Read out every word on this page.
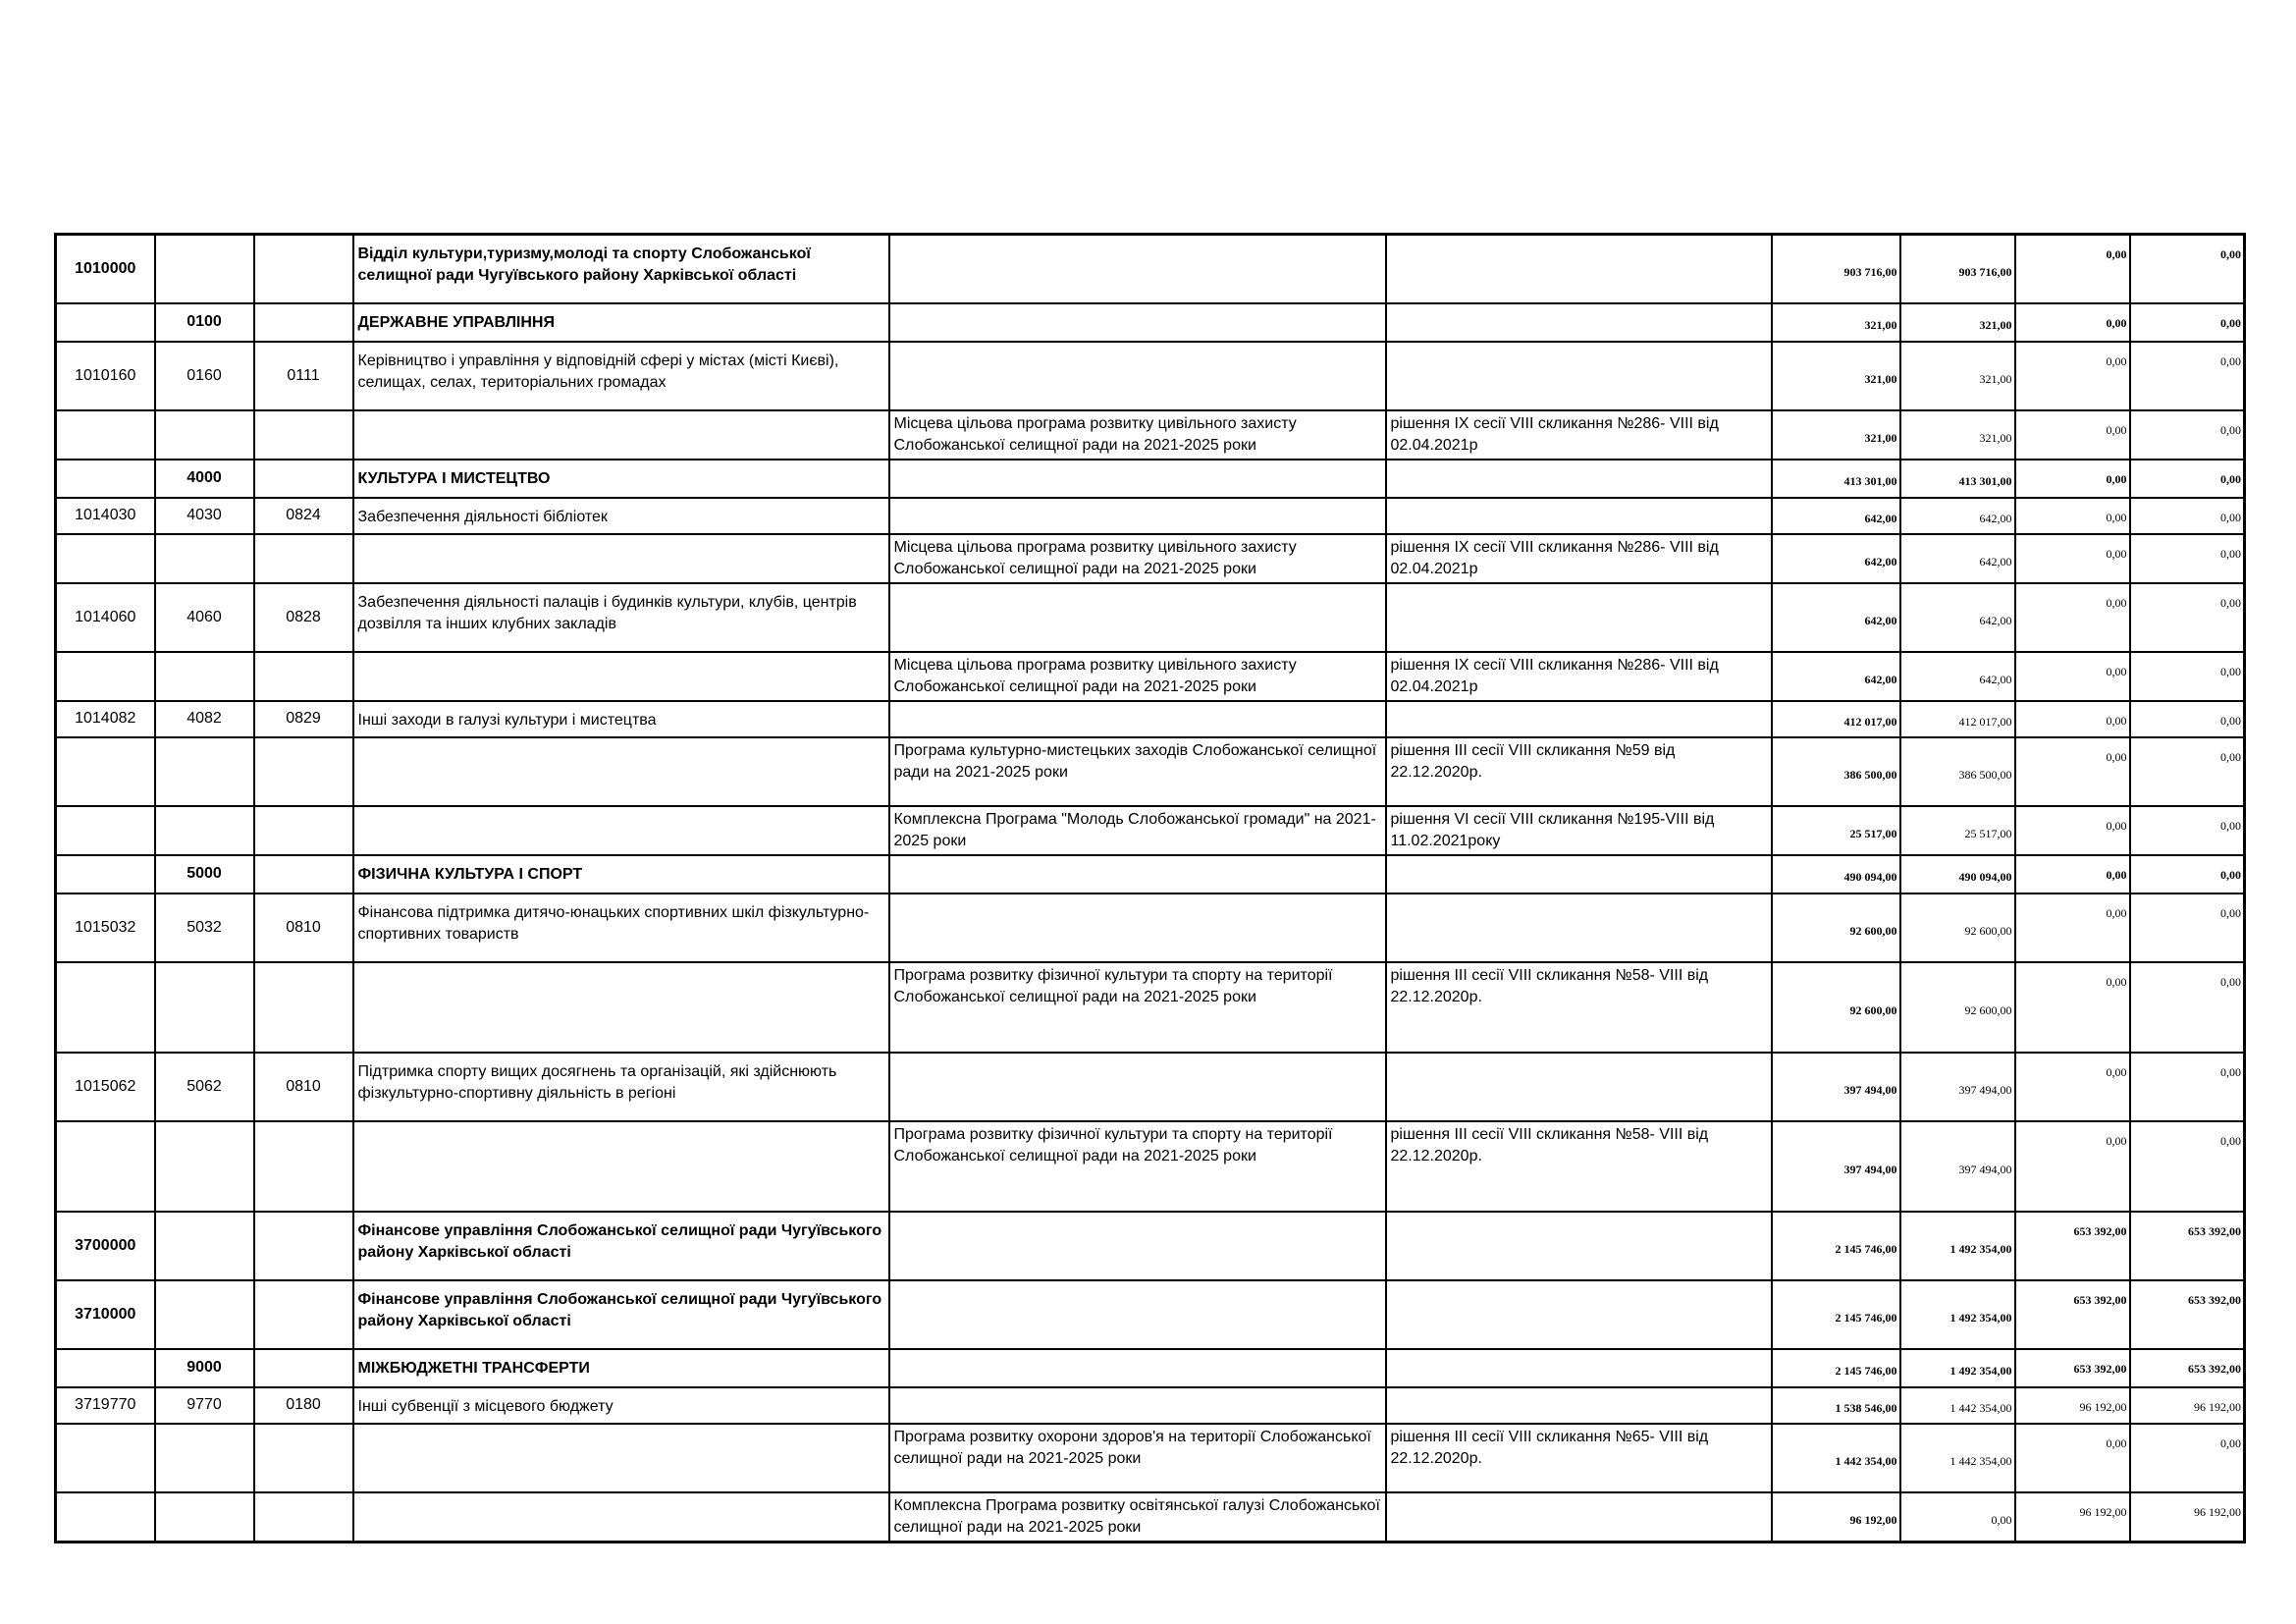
1010000			Відділ культури,туризму,молоді та спорту Слобожанської селищної ради Чугуївського району Харківської області			903 716,00	903 716,00	0,00	0,00
	0100		ДЕРЖАВНЕ УПРАВЛІННЯ			321,00	321,00	0,00	0,00
1010160	0160	0111	Керівництво і управління у відповідній сфері у містах (місті Києві), селищах, селах, територіальних громадах			321,00	321,00	0,00	0,00
				Місцева цільова програма розвитку цивільного захисту Слобожанської селищної ради на 2021-2025 роки	рішення ІХ сесії VIII скликання №286- VIII від 02.04.2021р	321,00	321,00	0,00	0,00
	4000		КУЛЬТУРА І МИСТЕЦТВО			413 301,00	413 301,00	0,00	0,00
1014030	4030	0824	Забезпечення діяльності бібліотек			642,00	642,00	0,00	0,00
				Місцева цільова програма розвитку цивільного захисту Слобожанської селищної ради на 2021-2025 роки	рішення ІХ сесії VIII скликання №286- VIII від 02.04.2021р	642,00	642,00	0,00	0,00
1014060	4060	0828	Забезпечення діяльності палаців і будинків культури, клубів, центрів дозвілля та інших клубних закладів			642,00	642,00	0,00	0,00
				Місцева цільова програма розвитку цивільного захисту Слобожанської селищної ради на 2021-2025 роки	рішення ІХ сесії VIII скликання №286- VIII від 02.04.2021р	642,00	642,00	0,00	0,00
1014082	4082	0829	Інші заходи в галузі культури і мистецтва			412 017,00	412 017,00	0,00	0,00
				Програма культурно-мистецьких заходів Слобожанської селищної ради на 2021-2025 роки	рішення ІІІ сесії VIII скликання №59 від 22.12.2020р.	386 500,00	386 500,00	0,00	0,00
				Комплексна Програма "Молодь Слобожанської громади" на 2021-2025 роки	рішення VІ сесії VIII скликання №195-VIII від 11.02.2021року	25 517,00	25 517,00	0,00	0,00
	5000		ФІЗИЧНА КУЛЬТУРА І СПОРТ			490 094,00	490 094,00	0,00	0,00
1015032	5032	0810	Фінансова підтримка дитячо-юнацьких спортивних шкіл фізкультурно-спортивних товариств			92 600,00	92 600,00	0,00	0,00
				Програма розвитку фізичної культури та спорту на території Слобожанської селищної ради на 2021-2025 роки	рішення ІІІ сесії VIII скликання №58- VIII від 22.12.2020р.	92 600,00	92 600,00	0,00	0,00
1015062	5062	0810	Підтримка спорту вищих досягнень та організацій, які здійснюють фізкультурно-спортивну діяльність в регіоні			397 494,00	397 494,00	0,00	0,00
				Програма розвитку фізичної культури та спорту на території Слобожанської селищної ради на 2021-2025 роки	рішення ІІІ сесії VIII скликання №58- VIII від 22.12.2020р.	397 494,00	397 494,00	0,00	0,00
3700000			Фінансове управління Слобожанської селищної ради Чугуївського району Харківської області			2 145 746,00	1 492 354,00	653 392,00	653 392,00
3710000			Фінансове управління Слобожанської селищної ради Чугуївського району Харківської області			2 145 746,00	1 492 354,00	653 392,00	653 392,00
	9000		МІЖБЮДЖЕТНІ ТРАНСФЕРТИ			2 145 746,00	1 492 354,00	653 392,00	653 392,00
3719770	9770	0180	Інші субвенції з місцевого бюджету			1 538 546,00	1 442 354,00	96 192,00	96 192,00
				Програма розвитку охорони здоров'я на території Слобожанської селищної ради на 2021-2025 роки	рішення ІІІ сесії VIII скликання №65- VIII від 22.12.2020р.	1 442 354,00	1 442 354,00	0,00	0,00
				Комплексна Програма розвитку освітянської галузі Слобожанської селищної ради на 2021-2025 роки		96 192,00	0,00	96 192,00	96 192,00
